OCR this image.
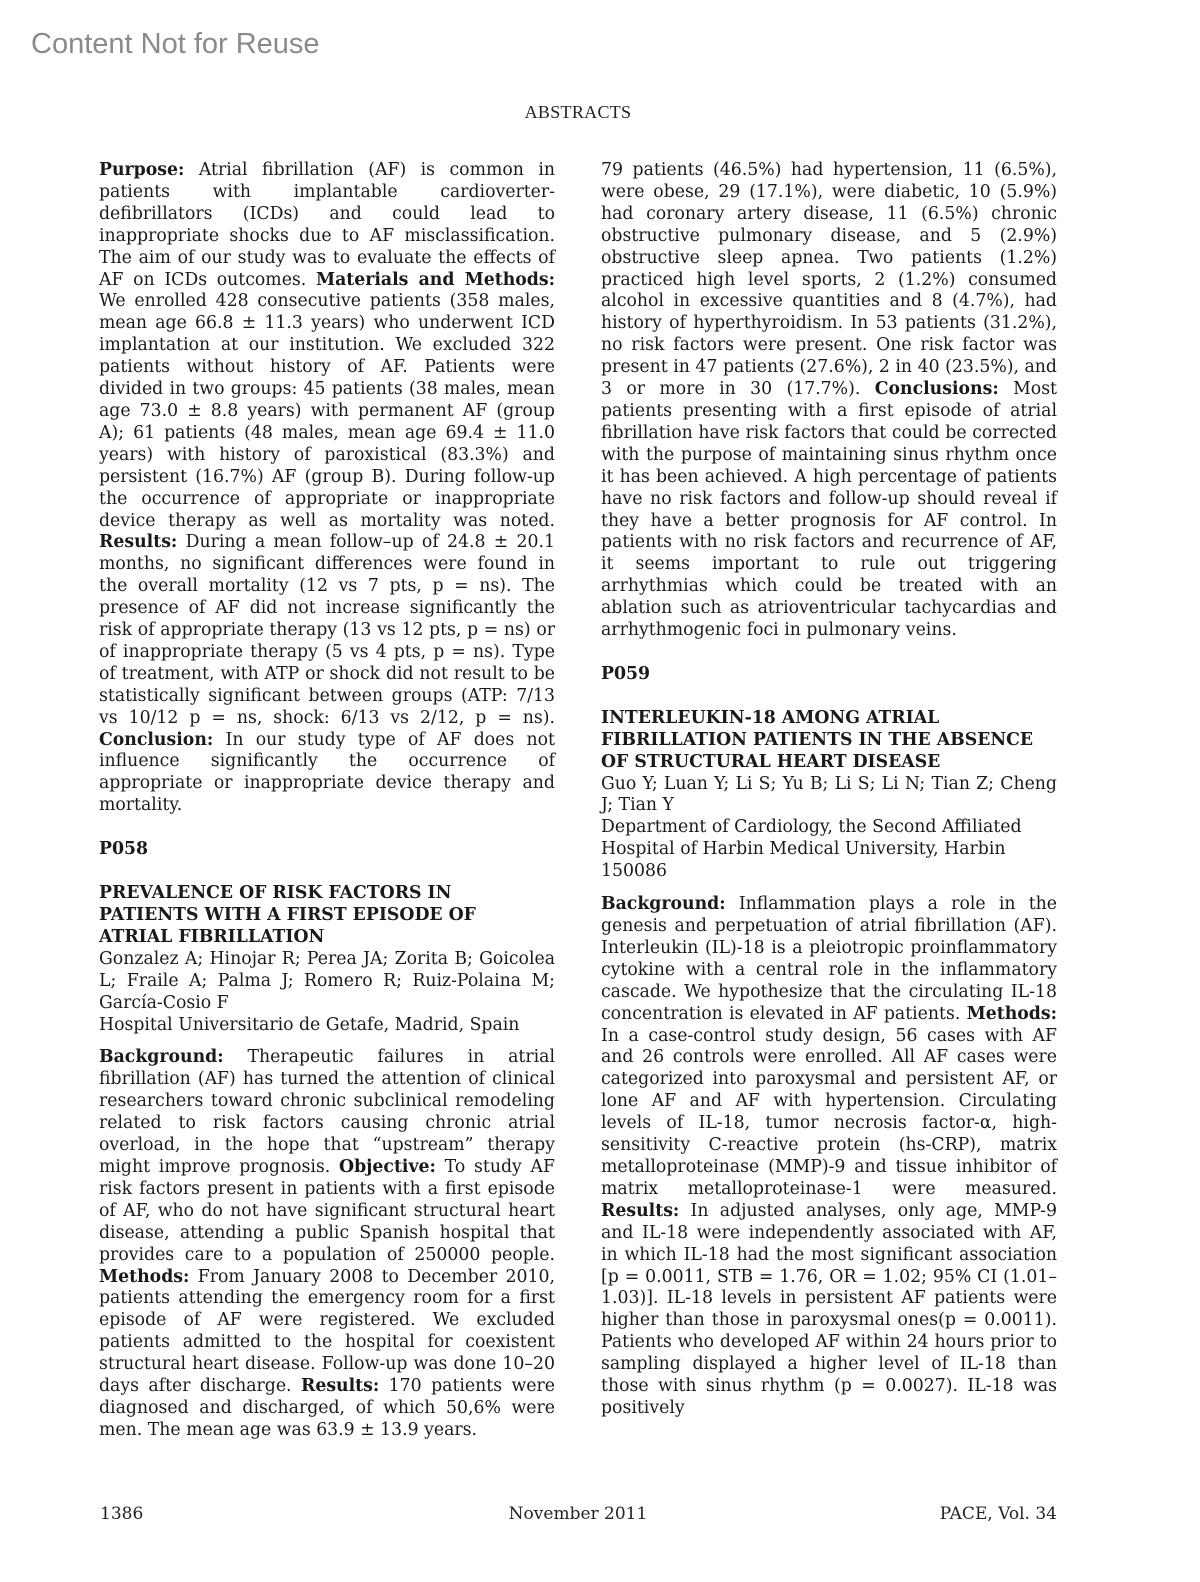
Content Not for Reuse
ABSTRACTS

Purpose: Atrial fibrillation (AF) is common in patients with implantable cardioverter-defibrillators (ICDs) and could lead to inappropriate shocks due to AF misclassification. The aim of our study was to evaluate the effects of AF on ICDs outcomes. Materials and Methods: We enrolled 428 consecutive patients (358 males, mean age 66.8 ± 11.3 years) who underwent ICD implantation at our institution. We excluded 322 patients without history of AF. Patients were divided in two groups: 45 patients (38 males, mean age 73.0 ± 8.8 years) with permanent AF (group A); 61 patients (48 males, mean age 69.4 ± 11.0 years) with history of paroxistical (83.3%) and persistent (16.7%) AF (group B). During follow-up the occurrence of appropriate or inappropriate device therapy as well as mortality was noted. Results: During a mean follow–up of 24.8 ± 20.1 months, no significant differences were found in the overall mortality (12 vs 7 pts, p = ns). The presence of AF did not increase significantly the risk of appropriate therapy (13 vs 12 pts, p = ns) or of inappropriate therapy (5 vs 4 pts, p = ns). Type of treatment, with ATP or shock did not result to be statistically significant between groups (ATP: 7/13 vs 10/12 p = ns, shock: 6/13 vs 2/12, p = ns). Conclusion: In our study type of AF does not influence significantly the occurrence of appropriate or inappropriate device therapy and mortality.

P058

PREVALENCE OF RISK FACTORS IN PATIENTS WITH A FIRST EPISODE OF ATRIAL FIBRILLATION

Gonzalez A; Hinojar R; Perea JA; Zorita B; Goicolea L; Fraile A; Palma J; Romero R; Ruiz-Polaina M; García-Cosio F

Hospital Universitario de Getafe, Madrid, Spain

Background: Therapeutic failures in atrial fibrillation (AF) has turned the attention of clinical researchers toward chronic subclinical remodeling related to risk factors causing chronic atrial overload, in the hope that “upstream” therapy might improve prognosis. Objective: To study AF risk factors present in patients with a first episode of AF, who do not have significant structural heart disease, attending a public Spanish hospital that provides care to a population of 250000 people. Methods: From January 2008 to December 2010, patients attending the emergency room for a first episode of AF were registered. We excluded patients admitted to the hospital for coexistent structural heart disease. Follow-up was done 10–20 days after discharge. Results: 170 patients were diagnosed and discharged, of which 50,6% were men. The mean age was 63.9 ± 13.9 years.

79 patients (46.5%) had hypertension, 11 (6.5%), were obese, 29 (17.1%), were diabetic, 10 (5.9%) had coronary artery disease, 11 (6.5%) chronic obstructive pulmonary disease, and 5 (2.9%) obstructive sleep apnea. Two patients (1.2%) practiced high level sports, 2 (1.2%) consumed alcohol in excessive quantities and 8 (4.7%), had history of hyperthyroidism. In 53 patients (31.2%), no risk factors were present. One risk factor was present in 47 patients (27.6%), 2 in 40 (23.5%), and 3 or more in 30 (17.7%). Conclusions: Most patients presenting with a first episode of atrial fibrillation have risk factors that could be corrected with the purpose of maintaining sinus rhythm once it has been achieved. A high percentage of patients have no risk factors and follow-up should reveal if they have a better prognosis for AF control. In patients with no risk factors and recurrence of AF, it seems important to rule out triggering arrhythmias which could be treated with an ablation such as atrioventricular tachycardias and arrhythmogenic foci in pulmonary veins.

P059

INTERLEUKIN-18 AMONG ATRIAL FIBRILLATION PATIENTS IN THE ABSENCE OF STRUCTURAL HEART DISEASE

Guo Y; Luan Y; Li S; Yu B; Li S; Li N; Tian Z; Cheng J; Tian Y

Department of Cardiology, the Second Affiliated Hospital of Harbin Medical University, Harbin 150086

Background: Inflammation plays a role in the genesis and perpetuation of atrial fibrillation (AF). Interleukin (IL)-18 is a pleiotropic proinflammatory cytokine with a central role in the inflammatory cascade. We hypothesize that the circulating IL-18 concentration is elevated in AF patients. Methods: In a case-control study design, 56 cases with AF and 26 controls were enrolled. All AF cases were categorized into paroxysmal and persistent AF, or lone AF and AF with hypertension. Circulating levels of IL-18, tumor necrosis factor-α, high-sensitivity C-reactive protein (hs-CRP), matrix metalloproteinase (MMP)-9 and tissue inhibitor of matrix metalloproteinase-1 were measured. Results: In adjusted analyses, only age, MMP-9 and IL-18 were independently associated with AF, in which IL-18 had the most significant association [p = 0.0011, STB = 1.76, OR = 1.02; 95% CI (1.01–1.03)]. IL-18 levels in persistent AF patients were higher than those in paroxysmal ones(p = 0.0011). Patients who developed AF within 24 hours prior to sampling displayed a higher level of IL-18 than those with sinus rhythm (p = 0.0027). IL-18 was positively

1386	November 2011	PACE, Vol. 34
